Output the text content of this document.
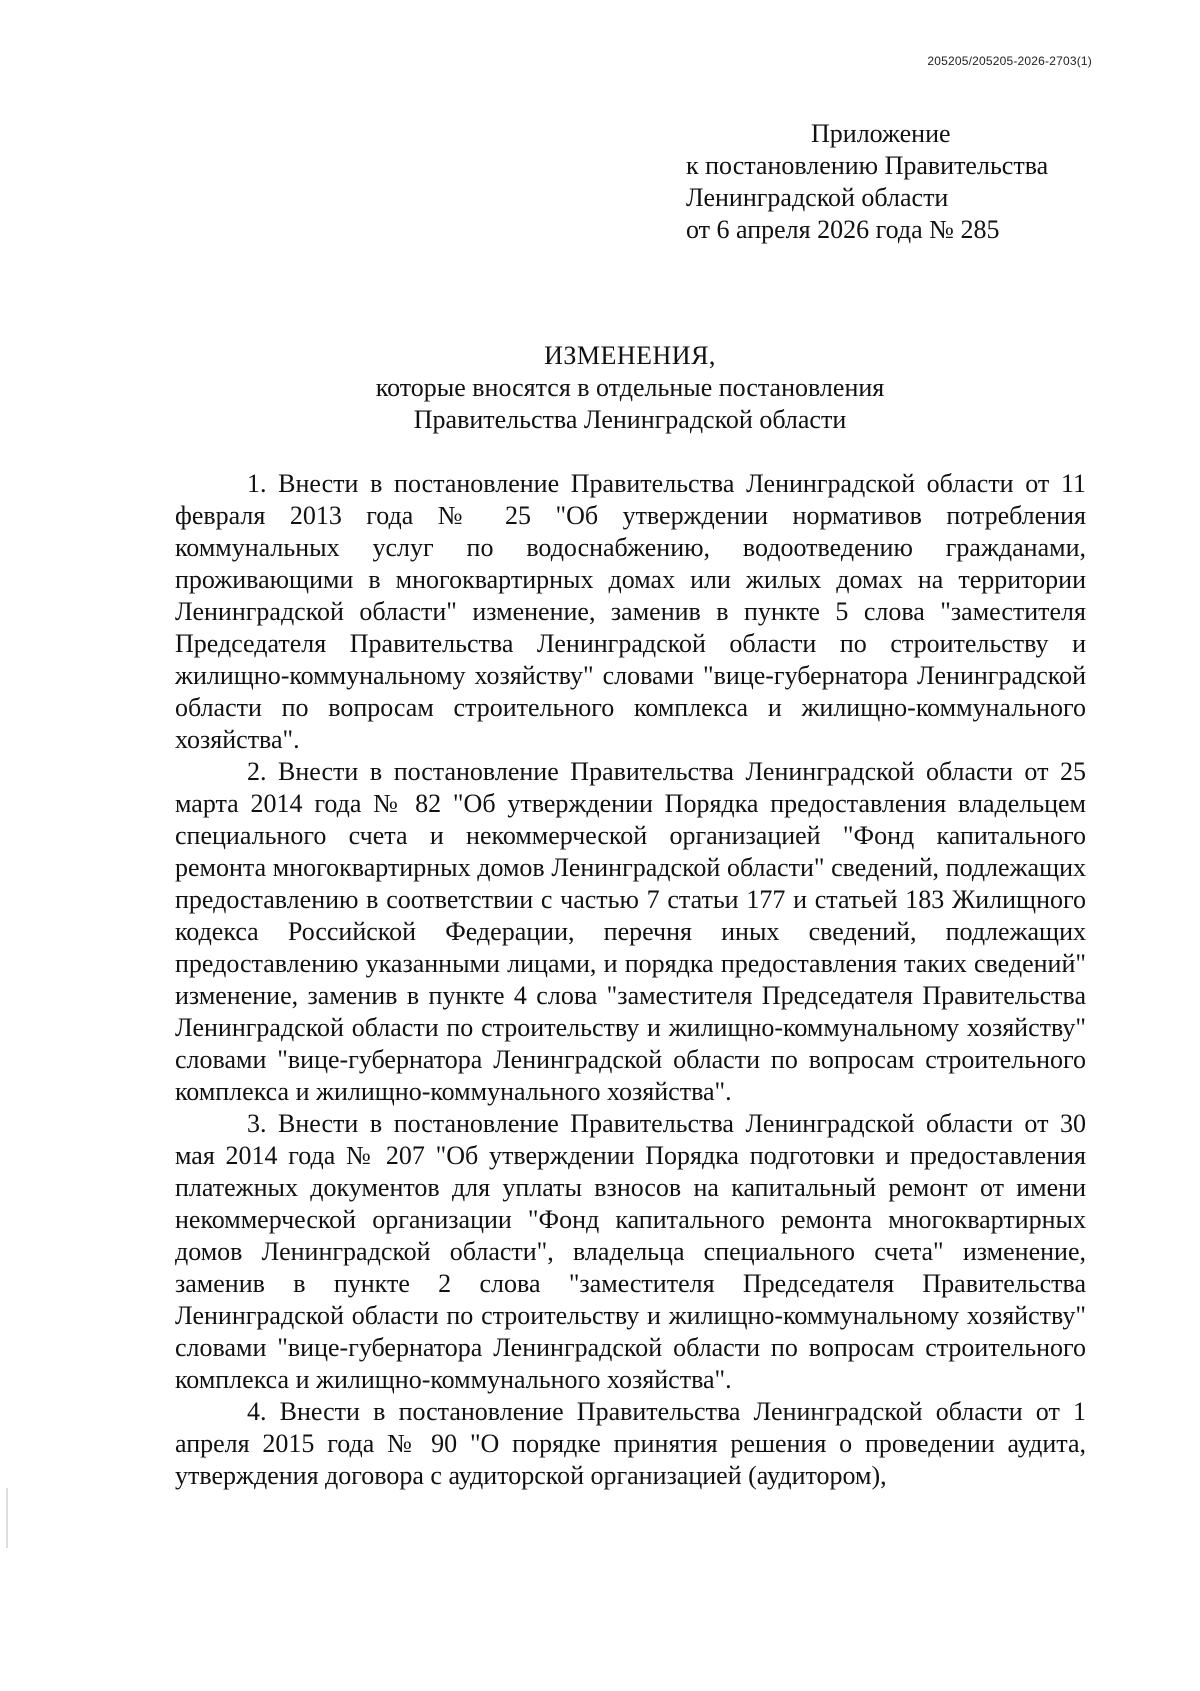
205205/205205-2026-2703(1)
Приложение
к постановлению Правительства
Ленинградской области
от 6 апреля 2026 года № 285
ИЗМЕНЕНИЯ,
которые вносятся в отдельные постановления
Правительства Ленинградской области

1. Внести в постановление Правительства Ленинградской области от 11 февраля 2013 года № 25 "Об утверждении нормативов потребления коммунальных услуг по водоснабжению, водоотведению гражданами, проживающими в многоквартирных домах или жилых домах на территории Ленинградской области" изменение, заменив в пункте 5 слова "заместителя Председателя Правительства Ленинградской области по строительству и жилищно-коммунальному хозяйству" словами "вице-губернатора Ленинградской области по вопросам строительного комплекса и жилищно-коммунального хозяйства".

2. Внести в постановление Правительства Ленинградской области от 25 марта 2014 года № 82 "Об утверждении Порядка предоставления владельцем специального счета и некоммерческой организацией "Фонд капитального ремонта многоквартирных домов Ленинградской области" сведений, подлежащих предоставлению в соответствии с частью 7 статьи 177 и статьей 183 Жилищного кодекса Российской Федерации, перечня иных сведений, подлежащих предоставлению указанными лицами, и порядка предоставления таких сведений" изменение, заменив в пункте 4 слова "заместителя Председателя Правительства Ленинградской области по строительству и жилищно-коммунальному хозяйству" словами "вице-губернатора Ленинградской области по вопросам строительного комплекса и жилищно-коммунального хозяйства".

3. Внести в постановление Правительства Ленинградской области от 30 мая 2014 года № 207 "Об утверждении Порядка подготовки и предоставления платежных документов для уплаты взносов на капитальный ремонт от имени некоммерческой организации "Фонд капитального ремонта многоквартирных домов Ленинградской области", владельца специального счета" изменение, заменив в пункте 2 слова "заместителя Председателя Правительства Ленинградской области по строительству и жилищно-коммунальному хозяйству" словами "вице-губернатора Ленинградской области по вопросам строительного комплекса и жилищно-коммунального хозяйства".

4. Внести в постановление Правительства Ленинградской области от 1 апреля 2015 года № 90 "О порядке принятия решения о проведении аудита, утверждения договора с аудиторской организацией (аудитором),
